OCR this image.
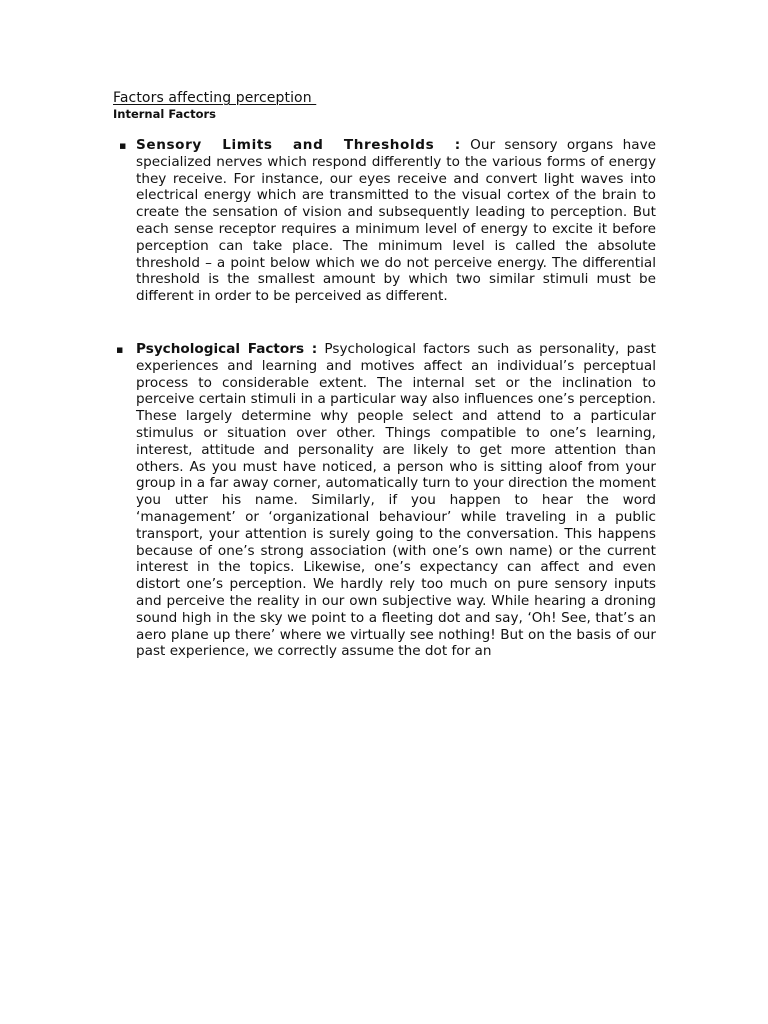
Factors affecting perception
Internal Factors
▪ Sensory Limits and Thresholds : Our sensory organs have specialized nerves which respond differently to the various forms of energy they receive. For instance, our eyes receive and convert light waves into electrical energy which are transmitted to the visual cortex of the brain to create the sensation of vision and subsequently leading to perception. But each sense receptor requires a minimum level of energy to excite it before perception can take place. The minimum level is called the absolute threshold – a point below which we do not perceive energy. The differential threshold is the smallest amount by which two similar stimuli must be different in order to be perceived as different.

▪ Psychological Factors : Psychological factors such as personality, past experiences and learning and motives affect an individual’s perceptual process to considerable extent. The internal set or the inclination to perceive certain stimuli in a particular way also influences one’s perception. These largely determine why people select and attend to a particular stimulus or situation over other. Things compatible to one’s learning, interest, attitude and personality are likely to get more attention than others. As you must have noticed, a person who is sitting aloof from your group in a far away corner, automatically turn to your direction the moment you utter his name. Similarly, if you happen to hear the word ‘management’ or ‘organizational behaviour’ while traveling in a public transport, your attention is surely going to the conversation. This happens because of one’s strong association (with one’s own name) or the current interest in the topics. Likewise, one’s expectancy can affect and even distort one’s perception. We hardly rely too much on pure sensory inputs and perceive the reality in our own subjective way. While hearing a droning sound high in the sky we point to a fleeting dot and say, ‘Oh! See, that’s an aero plane up there’ where we virtually see nothing! But on the basis of our past experience, we correctly assume the dot for an
